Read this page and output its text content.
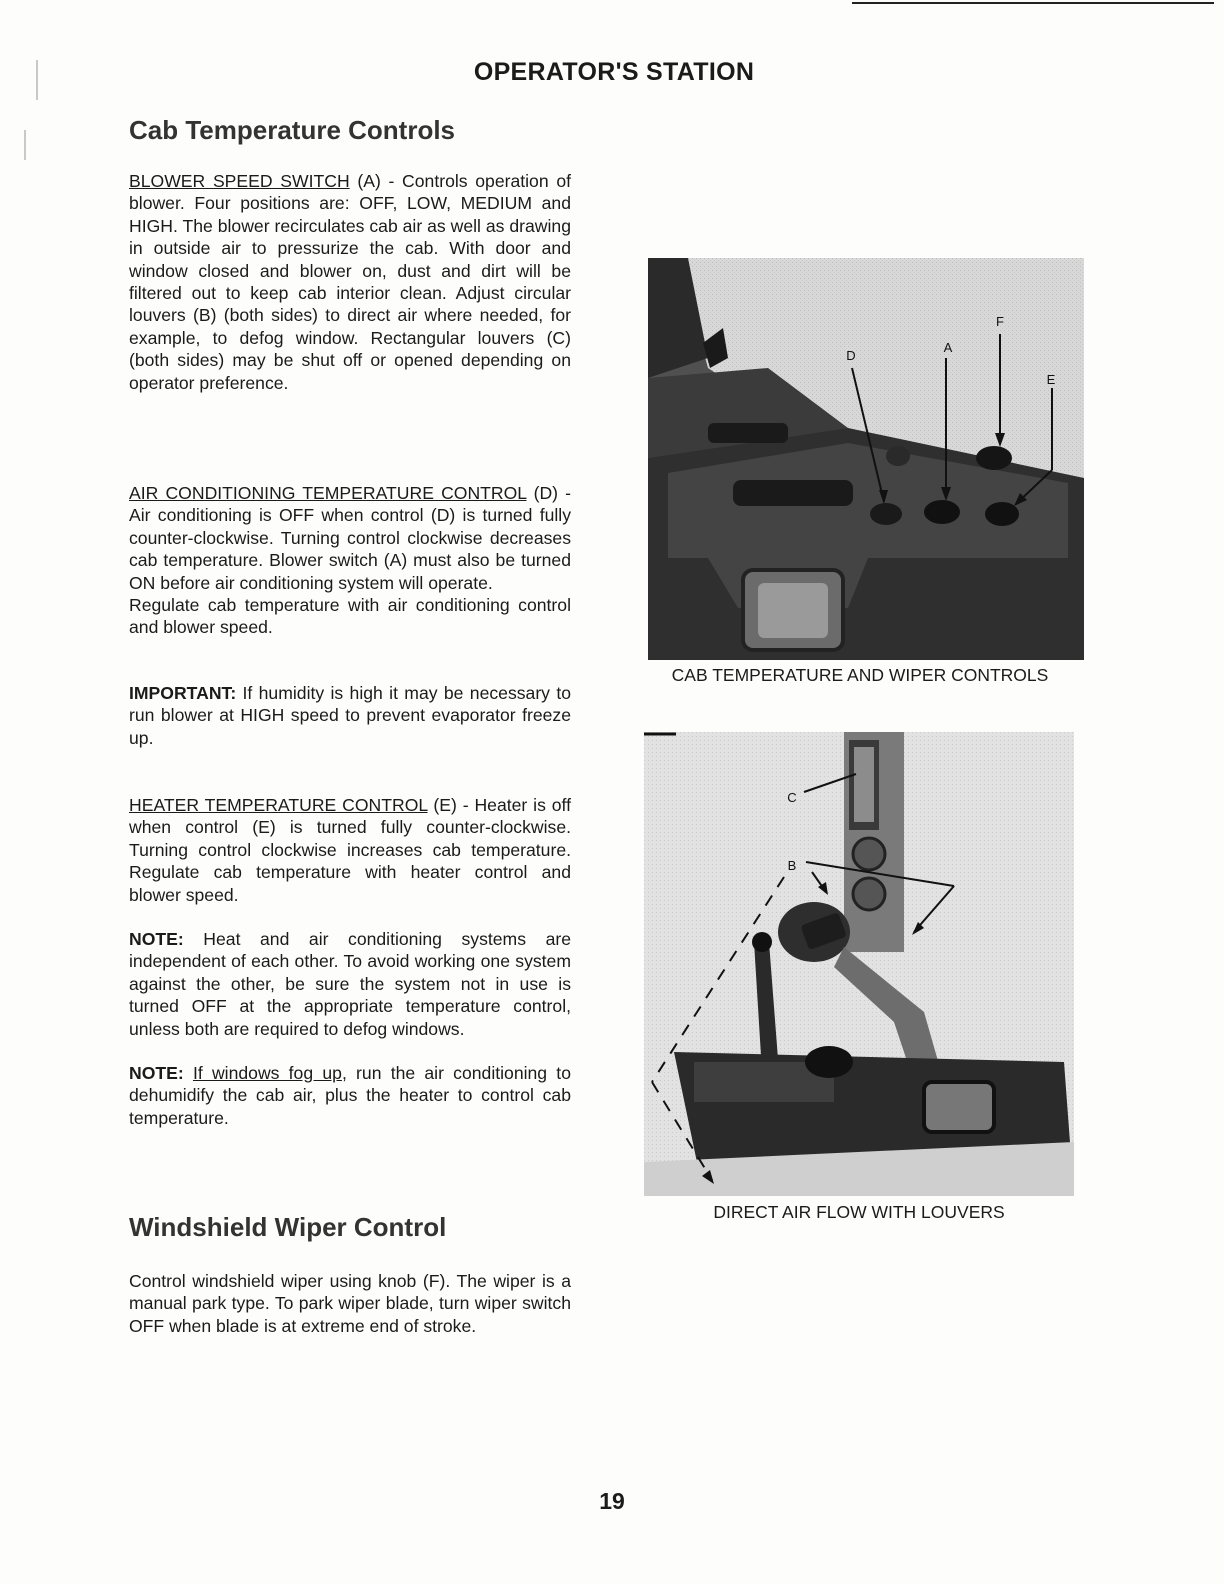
OPERATOR'S STATION
Cab Temperature Controls
BLOWER SPEED SWITCH (A) - Controls operation of blower. Four positions are: OFF, LOW, MEDIUM and HIGH. The blower recirculates cab air as well as drawing in outside air to pressurize the cab. With door and window closed and blower on, dust and dirt will be filtered out to keep cab interior clean. Adjust circular louvers (B) (both sides) to direct air where needed, for example, to defog window. Rectangular louvers (C) (both sides) may be shut off or opened depending on operator preference.
AIR CONDITIONING TEMPERATURE CONTROL (D) - Air conditioning is OFF when control (D) is turned fully counter-clockwise. Turning control clockwise decreases cab temperature. Blower switch (A) must also be turned ON before air conditioning system will operate.
Regulate cab temperature with air conditioning control and blower speed.
IMPORTANT: If humidity is high it may be necessary to run blower at HIGH speed to prevent evaporator freeze up.
HEATER TEMPERATURE CONTROL (E) - Heater is off when control (E) is turned fully counter-clockwise. Turning control clockwise increases cab temperature. Regulate cab temperature with heater control and blower speed.
NOTE: Heat and air conditioning systems are independent of each other. To avoid working one system against the other, be sure the system not in use is turned OFF at the appropriate temperature control, unless both are required to defog windows.
NOTE: If windows fog up, run the air conditioning to dehumidify the cab air, plus the heater to control cab temperature.
Windshield Wiper Control
Control windshield wiper using knob (F). The wiper is a manual park type. To park wiper blade, turn wiper switch OFF when blade is at extreme end of stroke.
D
A
F
E
CAB TEMPERATURE AND WIPER CONTROLS
C
B
DIRECT AIR FLOW WITH LOUVERS
19
